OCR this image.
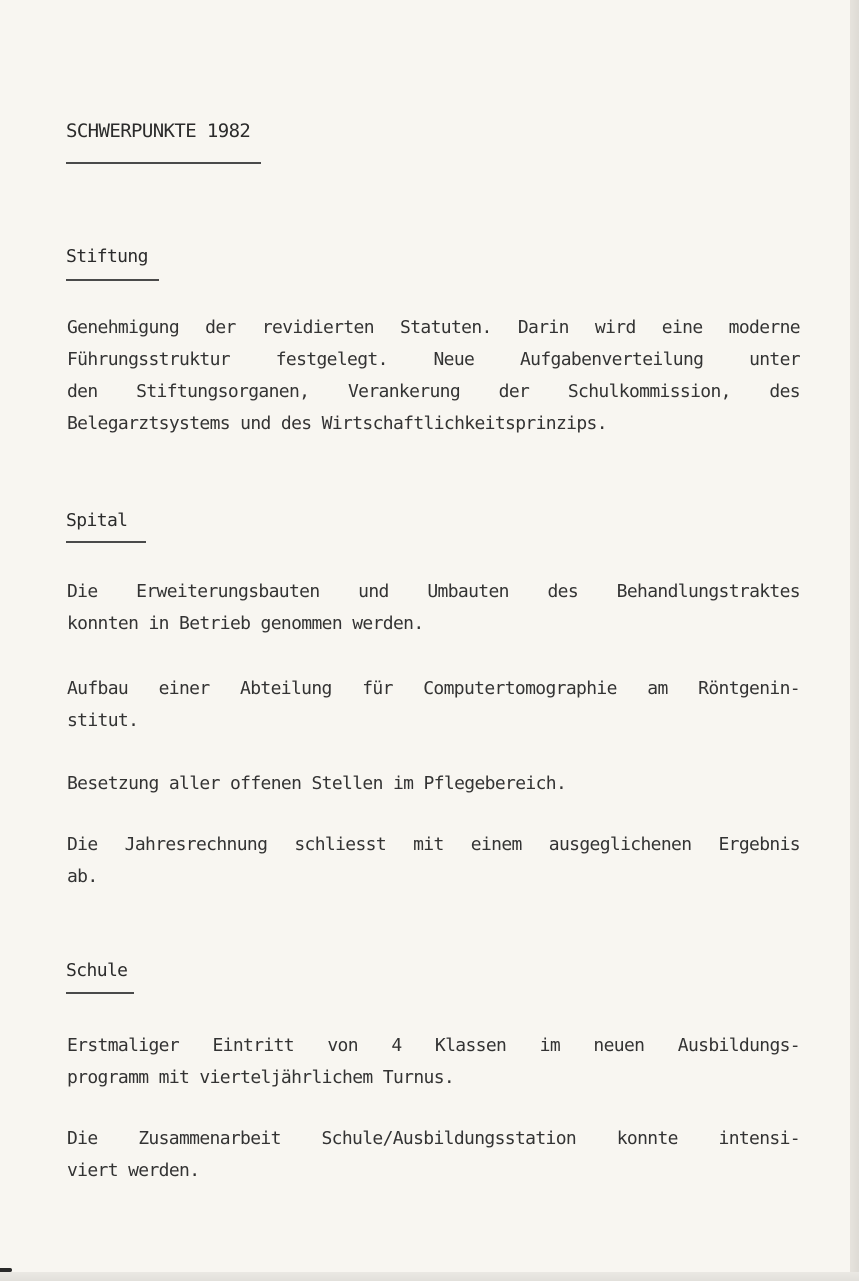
SCHWERPUNKTE 1982
Stiftung
Genehmigung der revidierten Statuten. Darin wird eine moderne
Führungsstruktur festgelegt. Neue Aufgabenverteilung unter
den Stiftungsorganen, Verankerung der Schulkommission, des
Belegarztsystems und des Wirtschaftlichkeitsprinzips.
Spital
Die Erweiterungsbauten und Umbauten des Behandlungstraktes
konnten in Betrieb genommen werden.
Aufbau einer Abteilung für Computertomographie am Röntgenin-
stitut.
Besetzung aller offenen Stellen im Pflegebereich.
Die Jahresrechnung schliesst mit einem ausgeglichenen Ergebnis
ab.
Schule
Erstmaliger Eintritt von 4 Klassen im neuen Ausbildungs-
programm mit vierteljährlichem Turnus.
Die Zusammenarbeit Schule/Ausbildungsstation konnte intensi-
viert werden.
